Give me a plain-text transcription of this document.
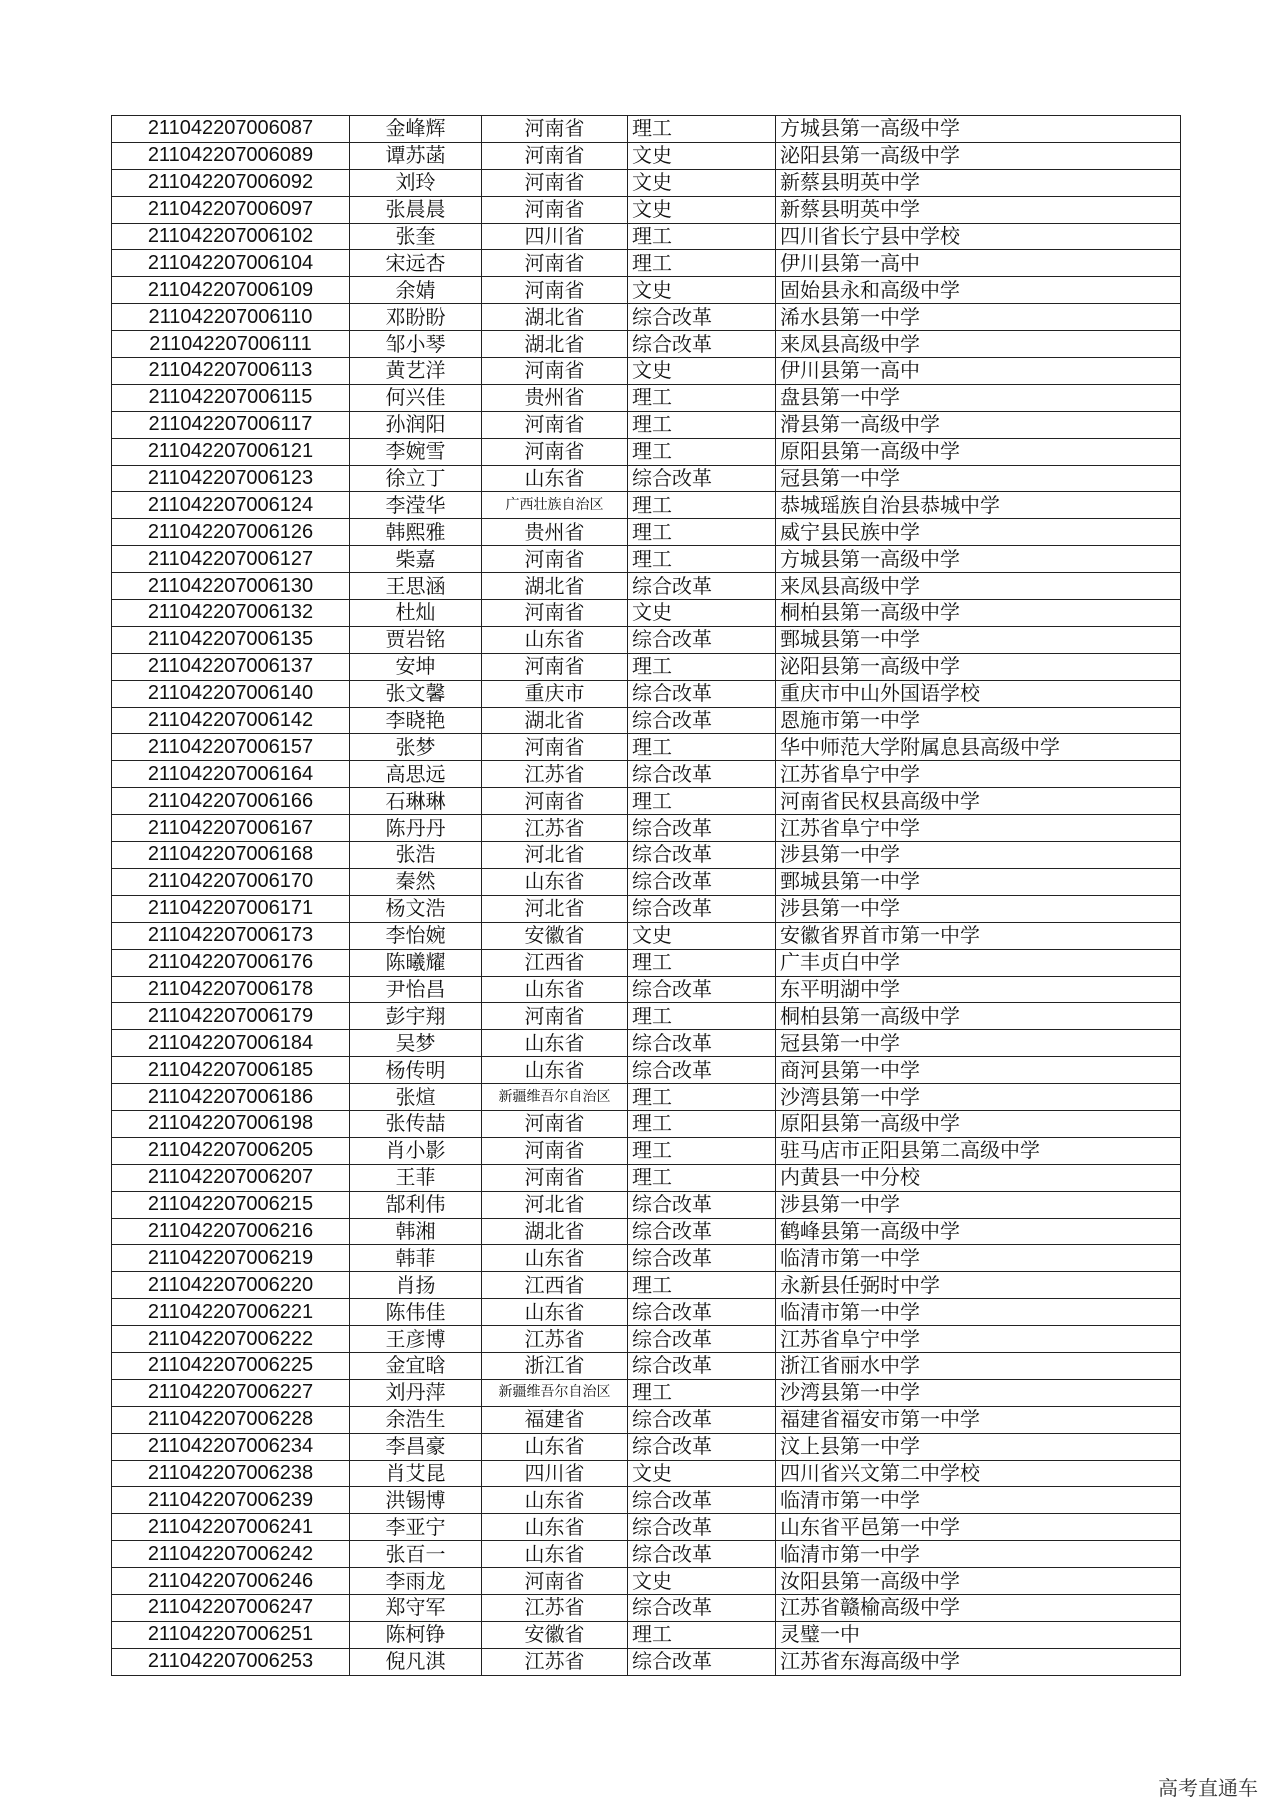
211042207006087	金峰辉	河南省	理工	方城县第一高级中学
211042207006089	谭苏菡	河南省	文史	泌阳县第一高级中学
211042207006092	刘玲	河南省	文史	新蔡县明英中学
211042207006097	张晨晨	河南省	文史	新蔡县明英中学
211042207006102	张奎	四川省	理工	四川省长宁县中学校
211042207006104	宋远杏	河南省	理工	伊川县第一高中
211042207006109	余婧	河南省	文史	固始县永和高级中学
211042207006110	邓盼盼	湖北省	综合改革	浠水县第一中学
211042207006111	邹小琴	湖北省	综合改革	来凤县高级中学
211042207006113	黄艺洋	河南省	文史	伊川县第一高中
211042207006115	何兴佳	贵州省	理工	盘县第一中学
211042207006117	孙润阳	河南省	理工	滑县第一高级中学
211042207006121	李婉雪	河南省	理工	原阳县第一高级中学
211042207006123	徐立丁	山东省	综合改革	冠县第一中学
211042207006124	李滢华	广西壮族自治区	理工	恭城瑶族自治县恭城中学
211042207006126	韩熙雅	贵州省	理工	威宁县民族中学
211042207006127	柴嘉	河南省	理工	方城县第一高级中学
211042207006130	王思涵	湖北省	综合改革	来凤县高级中学
211042207006132	杜灿	河南省	文史	桐柏县第一高级中学
211042207006135	贾岩铭	山东省	综合改革	鄄城县第一中学
211042207006137	安坤	河南省	理工	泌阳县第一高级中学
211042207006140	张文馨	重庆市	综合改革	重庆市中山外国语学校
211042207006142	李晓艳	湖北省	综合改革	恩施市第一中学
211042207006157	张梦	河南省	理工	华中师范大学附属息县高级中学
211042207006164	高思远	江苏省	综合改革	江苏省阜宁中学
211042207006166	石琳琳	河南省	理工	河南省民权县高级中学
211042207006167	陈丹丹	江苏省	综合改革	江苏省阜宁中学
211042207006168	张浩	河北省	综合改革	涉县第一中学
211042207006170	秦然	山东省	综合改革	鄄城县第一中学
211042207006171	杨文浩	河北省	综合改革	涉县第一中学
211042207006173	李怡婉	安徽省	文史	安徽省界首市第一中学
211042207006176	陈曦耀	江西省	理工	广丰贞白中学
211042207006178	尹怡昌	山东省	综合改革	东平明湖中学
211042207006179	彭宇翔	河南省	理工	桐柏县第一高级中学
211042207006184	吴梦	山东省	综合改革	冠县第一中学
211042207006185	杨传明	山东省	综合改革	商河县第一中学
211042207006186	张煊	新疆维吾尔自治区	理工	沙湾县第一中学
211042207006198	张传喆	河南省	理工	原阳县第一高级中学
211042207006205	肖小影	河南省	理工	驻马店市正阳县第二高级中学
211042207006207	王菲	河南省	理工	内黄县一中分校
211042207006215	郜利伟	河北省	综合改革	涉县第一中学
211042207006216	韩湘	湖北省	综合改革	鹤峰县第一高级中学
211042207006219	韩菲	山东省	综合改革	临清市第一中学
211042207006220	肖扬	江西省	理工	永新县任弼时中学
211042207006221	陈伟佳	山东省	综合改革	临清市第一中学
211042207006222	王彦博	江苏省	综合改革	江苏省阜宁中学
211042207006225	金宜晗	浙江省	综合改革	浙江省丽水中学
211042207006227	刘丹萍	新疆维吾尔自治区	理工	沙湾县第一中学
211042207006228	余浩生	福建省	综合改革	福建省福安市第一中学
211042207006234	李昌豪	山东省	综合改革	汶上县第一中学
211042207006238	肖艾昆	四川省	文史	四川省兴文第二中学校
211042207006239	洪锡博	山东省	综合改革	临清市第一中学
211042207006241	李亚宁	山东省	综合改革	山东省平邑第一中学
211042207006242	张百一	山东省	综合改革	临清市第一中学
211042207006246	李雨龙	河南省	文史	汝阳县第一高级中学
211042207006247	郑守军	江苏省	综合改革	江苏省赣榆高级中学
211042207006251	陈柯铮	安徽省	理工	灵璧一中
211042207006253	倪凡淇	江苏省	综合改革	江苏省东海高级中学
高考直通车
